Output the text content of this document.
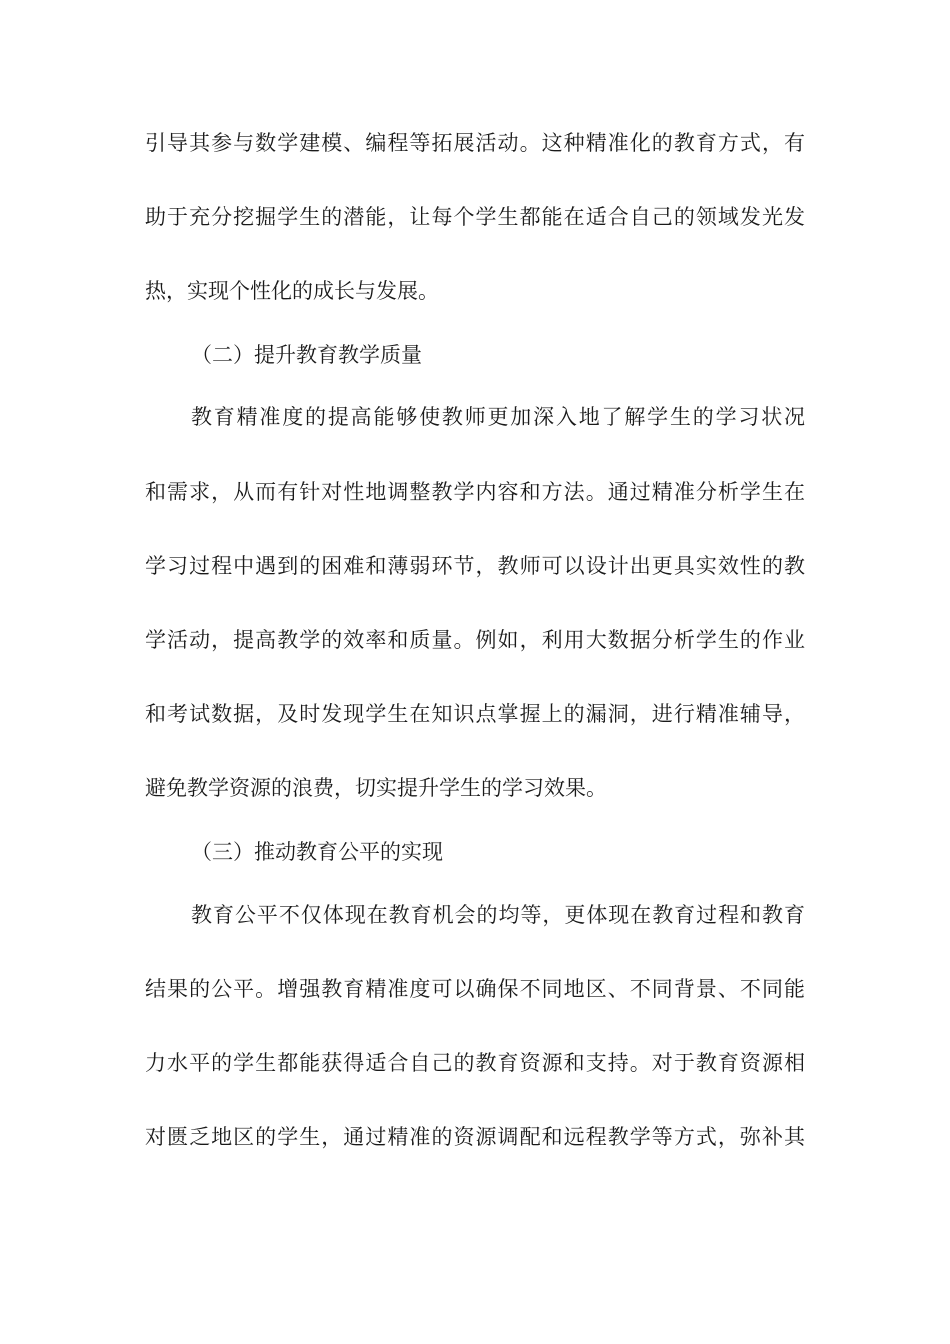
引导其参与数学建模、编程等拓展活动。这种精准化的教育方式，有
助于充分挖掘学生的潜能，让每个学生都能在适合自己的领域发光发
热，实现个性化的成长与发展。
（二）提升教育教学质量
教育精准度的提高能够使教师更加深入地了解学生的学习状况
和需求，从而有针对性地调整教学内容和方法。通过精准分析学生在
学习过程中遇到的困难和薄弱环节，教师可以设计出更具实效性的教
学活动，提高教学的效率和质量。例如，利用大数据分析学生的作业
和考试数据，及时发现学生在知识点掌握上的漏洞，进行精准辅导，
避免教学资源的浪费，切实提升学生的学习效果。
（三）推动教育公平的实现
教育公平不仅体现在教育机会的均等，更体现在教育过程和教育
结果的公平。增强教育精准度可以确保不同地区、不同背景、不同能
力水平的学生都能获得适合自己的教育资源和支持。对于教育资源相
对匮乏地区的学生，通过精准的资源调配和远程教学等方式，弥补其
